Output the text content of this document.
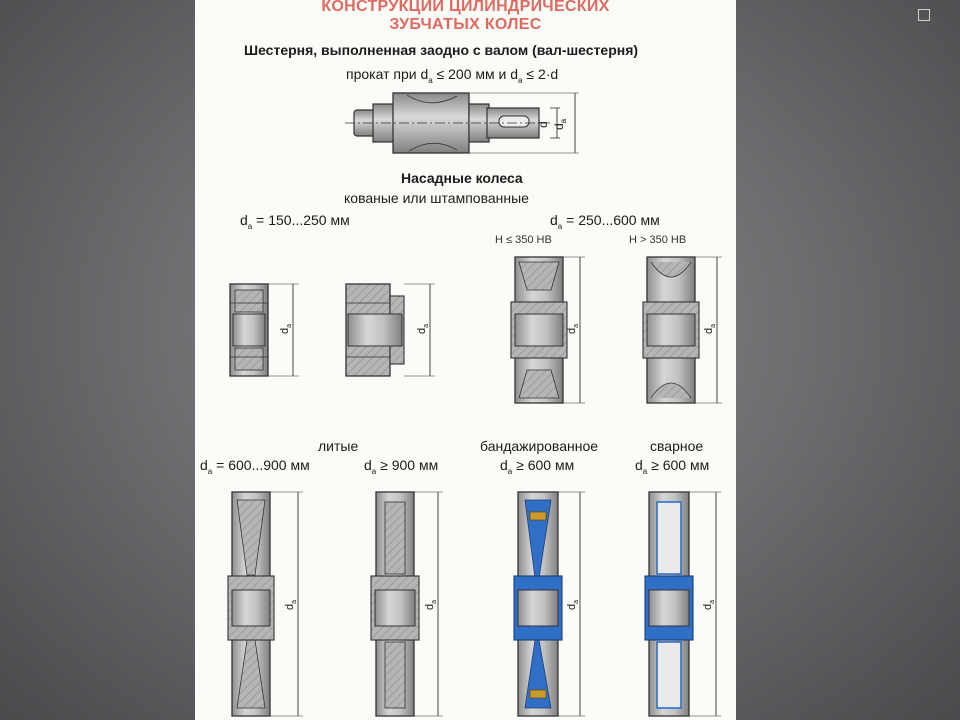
КОНСТРУКЦИИ ЦИЛИНДРИЧЕСКИХ
ЗУБЧАТЫХ КОЛЕС
Шестерня, выполненная заодно с валом (вал-шестерня)
прокат при $d_a \le 200$ мм и $d_a \le 2\cdot d$
Насадные колеса
кованые или штампованные
$d_a = 150...250$ мм	$d_a = 250...600$ мм
H ≤ 350 HB	H > 350 HB
литые	бандажированное	сварное
$d_a = 600...900$ мм	$d_a \ge 900$ мм	$d_a \ge 600$ мм	$d_a \ge 600$ мм
d $d_a$
$d_a$
$d_a$
$d_a$
$d_a$
$d_a$
$d_a$
$d_a$
$d_a$
